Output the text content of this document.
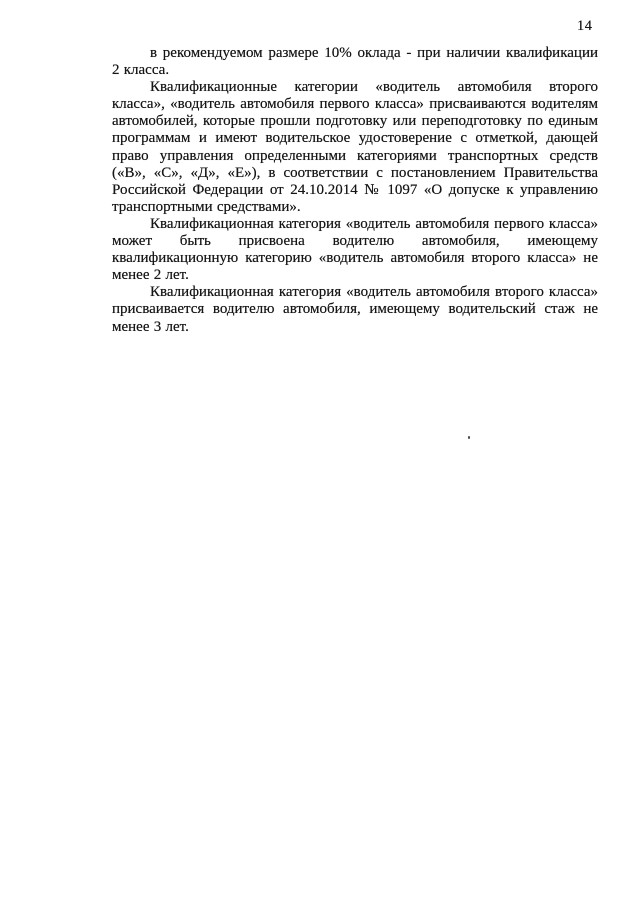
14
в рекомендуемом размере 10% оклада - при наличии квалификации
2 класса.
Квалификационные категории «водитель автомобиля второго
класса», «водитель автомобиля первого класса» присваиваются водителям
автомобилей, которые прошли подготовку или переподготовку по единым
программам и имеют водительское удостоверение с отметкой, дающей
право управления определенными категориями транспортных средств
(«В», «С», «Д», «Е»), в соответствии с постановлением Правительства
Российской Федерации от 24.10.2014 № 1097 «О допуске к управлению
транспортными средствами».
Квалификационная категория «водитель автомобиля первого класса»
может быть присвоена водителю автомобиля, имеющему
квалификационную категорию «водитель автомобиля второго класса» не
менее 2 лет.
Квалификационная категория «водитель автомобиля второго класса»
присваивается водителю автомобиля, имеющему водительский стаж не
менее 3 лет.
